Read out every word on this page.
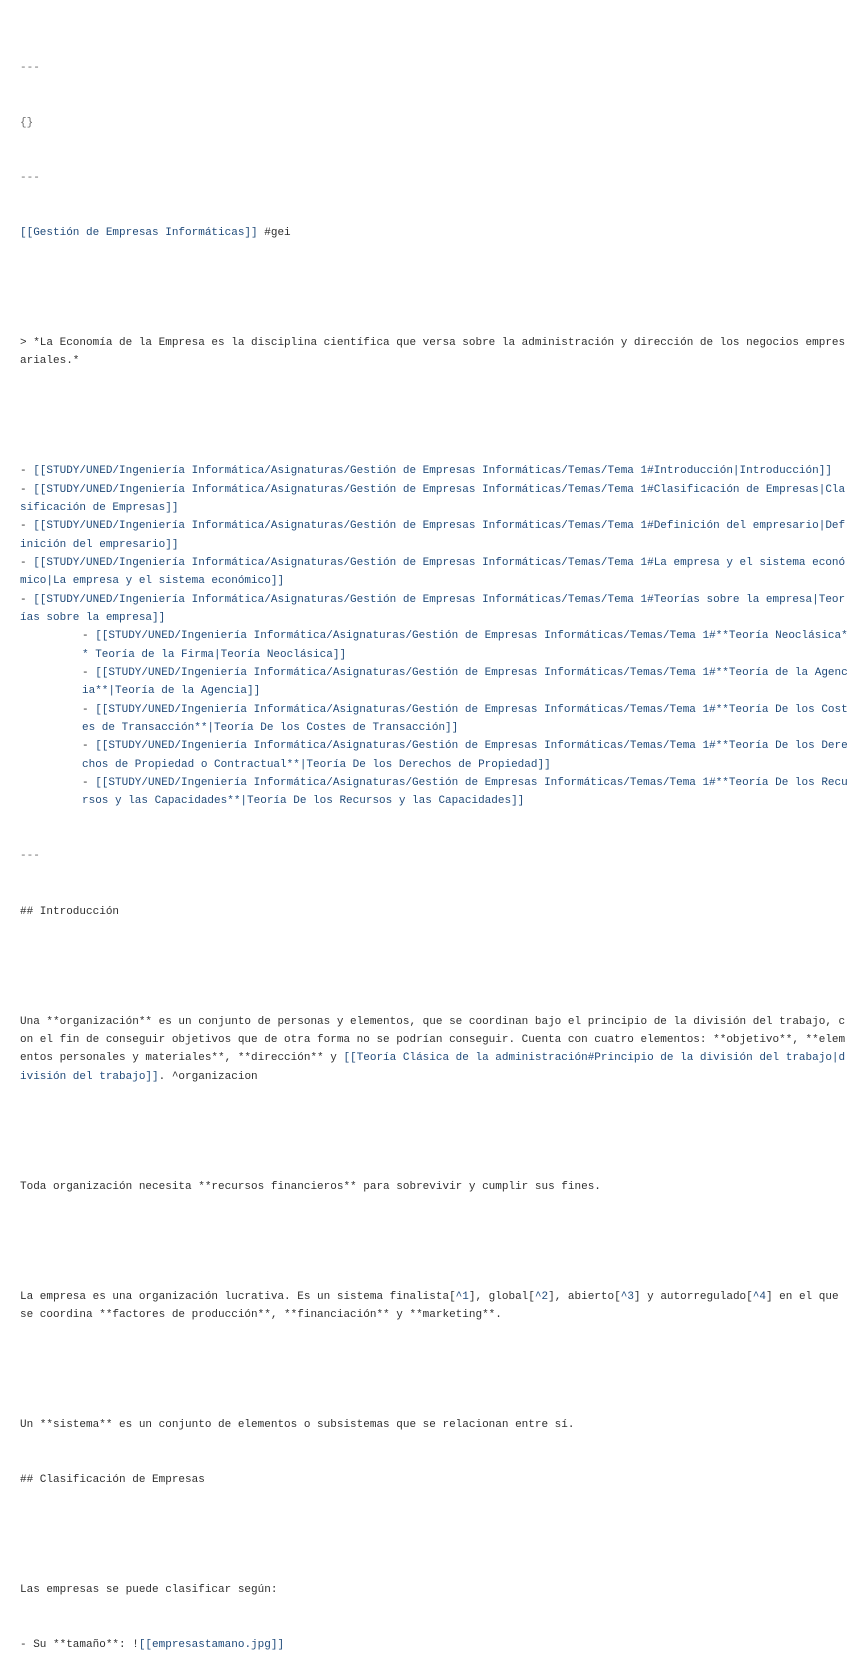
---

{}

---

[[Gestión de Empresas Informáticas]] #gei

> *La Economía de la Empresa es la disciplina científica que versa sobre la administración y dirección de los negocios empresariales.*

- [[STUDY/UNED/Ingeniería Informática/Asignaturas/Gestión de Empresas Informáticas/Temas/Tema 1#Introducción|Introducción]]
- [[STUDY/UNED/Ingeniería Informática/Asignaturas/Gestión de Empresas Informáticas/Temas/Tema 1#Clasificación de Empresas|Clasificación de Empresas]]
- [[STUDY/UNED/Ingeniería Informática/Asignaturas/Gestión de Empresas Informáticas/Temas/Tema 1#Definición del empresario|Definición del empresario]]
- [[STUDY/UNED/Ingeniería Informática/Asignaturas/Gestión de Empresas Informáticas/Temas/Tema 1#La empresa y el sistema económico|La empresa y el sistema económico]]
- [[STUDY/UNED/Ingeniería Informática/Asignaturas/Gestión de Empresas Informáticas/Temas/Tema 1#Teorías sobre la empresa|Teorías sobre la empresa]]
- [[STUDY/UNED/Ingeniería Informática/Asignaturas/Gestión de Empresas Informáticas/Temas/Tema 1#**Teoría Neoclásica** Teoría de la Firma|Teoría Neoclásica]]
- [[STUDY/UNED/Ingeniería Informática/Asignaturas/Gestión de Empresas Informáticas/Temas/Tema 1#**Teoría de la Agencia**|Teoría de la Agencia]]
- [[STUDY/UNED/Ingeniería Informática/Asignaturas/Gestión de Empresas Informáticas/Temas/Tema 1#**Teoría De los Costes de Transacción**|Teoría De los Costes de Transacción]]
- [[STUDY/UNED/Ingeniería Informática/Asignaturas/Gestión de Empresas Informáticas/Temas/Tema 1#**Teoría De los Derechos de Propiedad o Contractual**|Teoría De los Derechos de Propiedad]]
- [[STUDY/UNED/Ingeniería Informática/Asignaturas/Gestión de Empresas Informáticas/Temas/Tema 1#**Teoría De los Recursos y las Capacidades**|Teoría De los Recursos y las Capacidades]]

---

## Introducción

Una **organización** es un conjunto de personas y elementos, que se coordinan bajo el principio de la división del trabajo, con el fin de conseguir objetivos que de otra forma no se podrían conseguir. Cuenta con cuatro elementos: **objetivo**, **elementos personales y materiales**, **dirección** y [[Teoría Clásica de la administración#Principio de la división del trabajo|división del trabajo]]. ^organizacion

Toda organización necesita **recursos financieros** para sobrevivir y cumplir sus fines.

La empresa es una organización lucrativa. Es un sistema finalista[^1], global[^2], abierto[^3] y autorregulado[^4] en el que se coordina **factores de producción**, **financiación** y **marketing**.

Un **sistema** es un conjunto de elementos o subsistemas que se relacionan entre sí.

## Clasificación de Empresas

Las empresas se puede clasificar según:

- Su **tamaño**: ![[empresastamano.jpg]]
